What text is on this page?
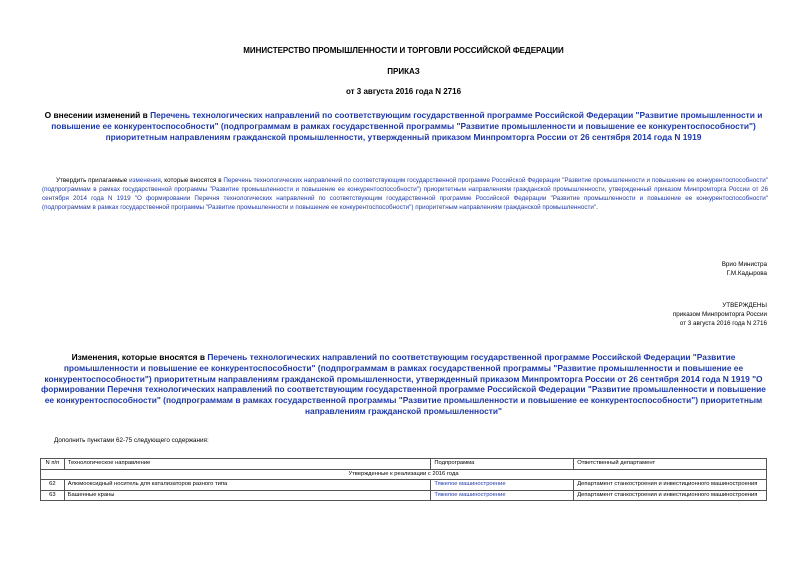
МИНИСТЕРСТВО ПРОМЫШЛЕННОСТИ И ТОРГОВЛИ РОССИЙСКОЙ ФЕДЕРАЦИИ
ПРИКАЗ
от 3 августа 2016 года N 2716
О внесении изменений в Перечень технологических направлений по соответствующим государственной программе Российской Федерации "Развитие промышленности и повышение ее конкурентоспособности" (подпрограммам в рамках государственной программы "Развитие промышленности и повышение ее конкурентоспособности") приоритетным направлениям гражданской промышленности, утвержденный приказом Минпромторга России от 26 сентября 2014 года N 1919
Утвердить прилагаемые изменения, которые вносятся в Перечень технологических направлений по соответствующим государственной программе Российской Федерации "Развитие промышленности и повышение ее конкурентоспособности" (подпрограммам в рамках государственной программы "Развитие промышленности и повышение ее конкурентоспособности") приоритетным направлениям гражданской промышленности, утвержденный приказом Минпромторга России от 26 сентября 2014 года N 1919 "О формировании Перечня технологических направлений по соответствующим государственной программе Российской Федерации "Развитие промышленности и повышение ее конкурентоспособности" (подпрограммам в рамках государственной программы "Развитие промышленности и повышение ее конкурентоспособности") приоритетным направлениям гражданской промышленности".
Врио Министра
Г.М.Кадырова
УТВЕРЖДЕНЫ
приказом Минпромторга России
от 3 августа 2016 года N 2716
Изменения, которые вносятся в Перечень технологических направлений по соответствующим государственной программе Российской Федерации "Развитие промышленности и повышение ее конкурентоспособности" (подпрограммам в рамках государственной программы "Развитие промышленности и повышение ее конкурентоспособности") приоритетным направлениям гражданской промышленности, утвержденный приказом Минпромторга России от 26 сентября 2014 года N 1919 "О формировании Перечня технологических направлений по соответствующим государственной программе Российской Федерации "Развитие промышленности и повышение ее конкурентоспособности" (подпрограммам в рамках государственной программы "Развитие промышленности и повышение ее конкурентоспособности") приоритетным направлениям гражданской промышленности"
Дополнить пунктами 62-75 следующего содержания:
N п/п	Технологическое направление	Подпрограмма	Ответственный департамент
Утвержденные к реализации с 2016 года			
62	Алюмооксидный носитель для катализаторов разного типа	Тяжелое машиностроение	Департамент станкостроения и инвестиционного машиностроения
63	Башенные краны	Тяжелое машиностроение	Департамент станкостроения и инвестиционного машиностроения
